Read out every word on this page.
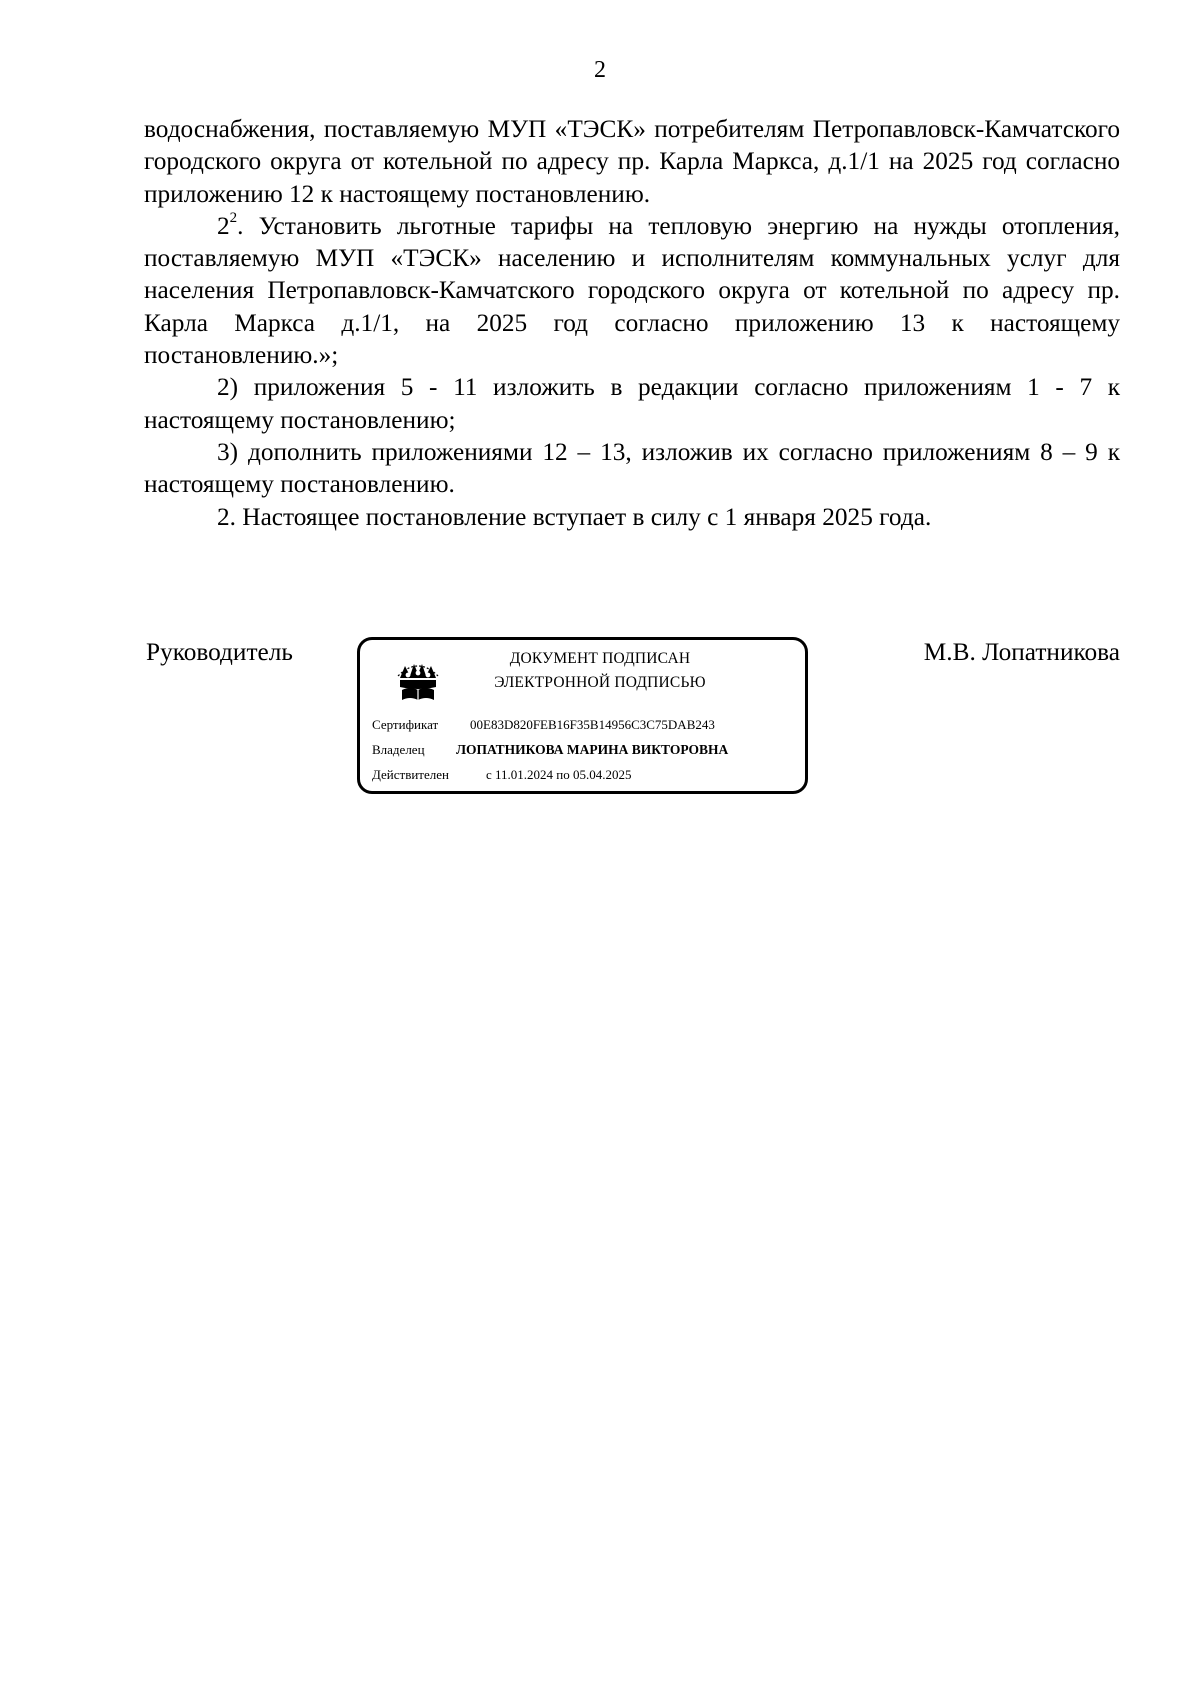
2

водоснабжения, поставляемую МУП «ТЭСК» потребителям Петропавловск-Камчатского городского округа от котельной по адресу пр. Карла Маркса, д.1/1 на 2025 год согласно приложению 12 к настоящему постановлению.

$2^2$. Установить льготные тарифы на тепловую энергию на нужды отопления, поставляемую МУП «ТЭСК» населению и исполнителям коммунальных услуг для населения Петропавловск-Камчатского городского округа от котельной по адресу пр. Карла Маркса д.1/1, на 2025 год согласно приложению 13 к настоящему постановлению.»;

2) приложения 5 - 11 изложить в редакции согласно приложениям 1 - 7 к настоящему постановлению;

3) дополнить приложениями 12 – 13, изложив их согласно приложениям 8 – 9 к настоящему постановлению.

2. Настоящее постановление вступает в силу с 1 января 2025 года.

Руководитель	М.В. Лопатникова
ДОКУМЕНТ ПОДПИСАН
ЭЛЕКТРОННОЙ ПОДПИСЬЮ
Сертификат 00E83D820FEB16F35B14956C3C75DAB243
Владелец ЛОПАТНИКОВА МАРИНА ВИКТОРОВНА
Действителен	с 11.01.2024 по 05.04.2025
